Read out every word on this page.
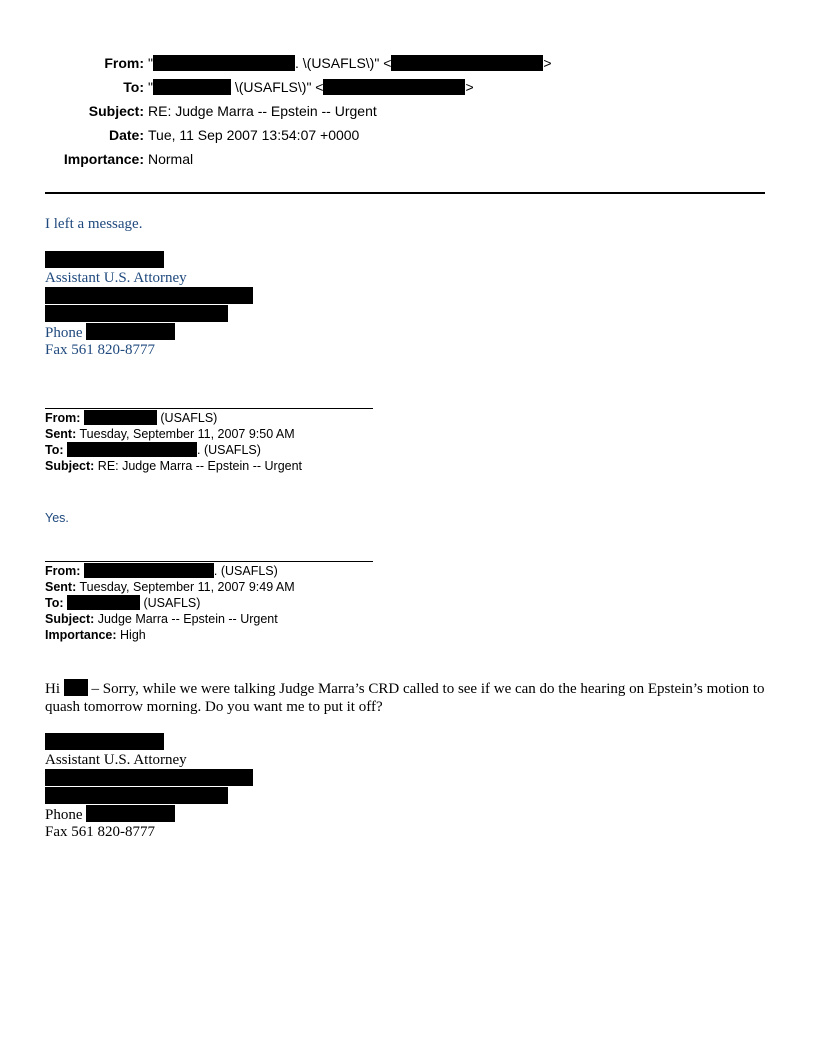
From: "	. \(USAFLS\)" <	>
To: "	\(USAFLS\)" <	>
Subject: RE: Judge Marra -- Epstein -- Urgent
Date: Tue, 11 Sep 2007 13:54:07 +0000
Importance: Normal
I left a message.
Assistant U.S. Attorney
Phone
Fax 561 820-8777
From:	(USAFLS)
Sent: Tuesday, September 11, 2007 9:50 AM
To:	. (USAFLS)
Subject: RE: Judge Marra -- Epstein -- Urgent
Yes.
From:	. (USAFLS)
Sent: Tuesday, September 11, 2007 9:49 AM
To:	(USAFLS)
Subject: Judge Marra -- Epstein -- Urgent
Importance: High
Hi  – Sorry, while we were talking Judge Marra’s CRD called to see if we can do the hearing on Epstein’s motion to quash tomorrow morning. Do you want me to put it off?
Assistant U.S. Attorney
Phone
Fax 561 820-8777
